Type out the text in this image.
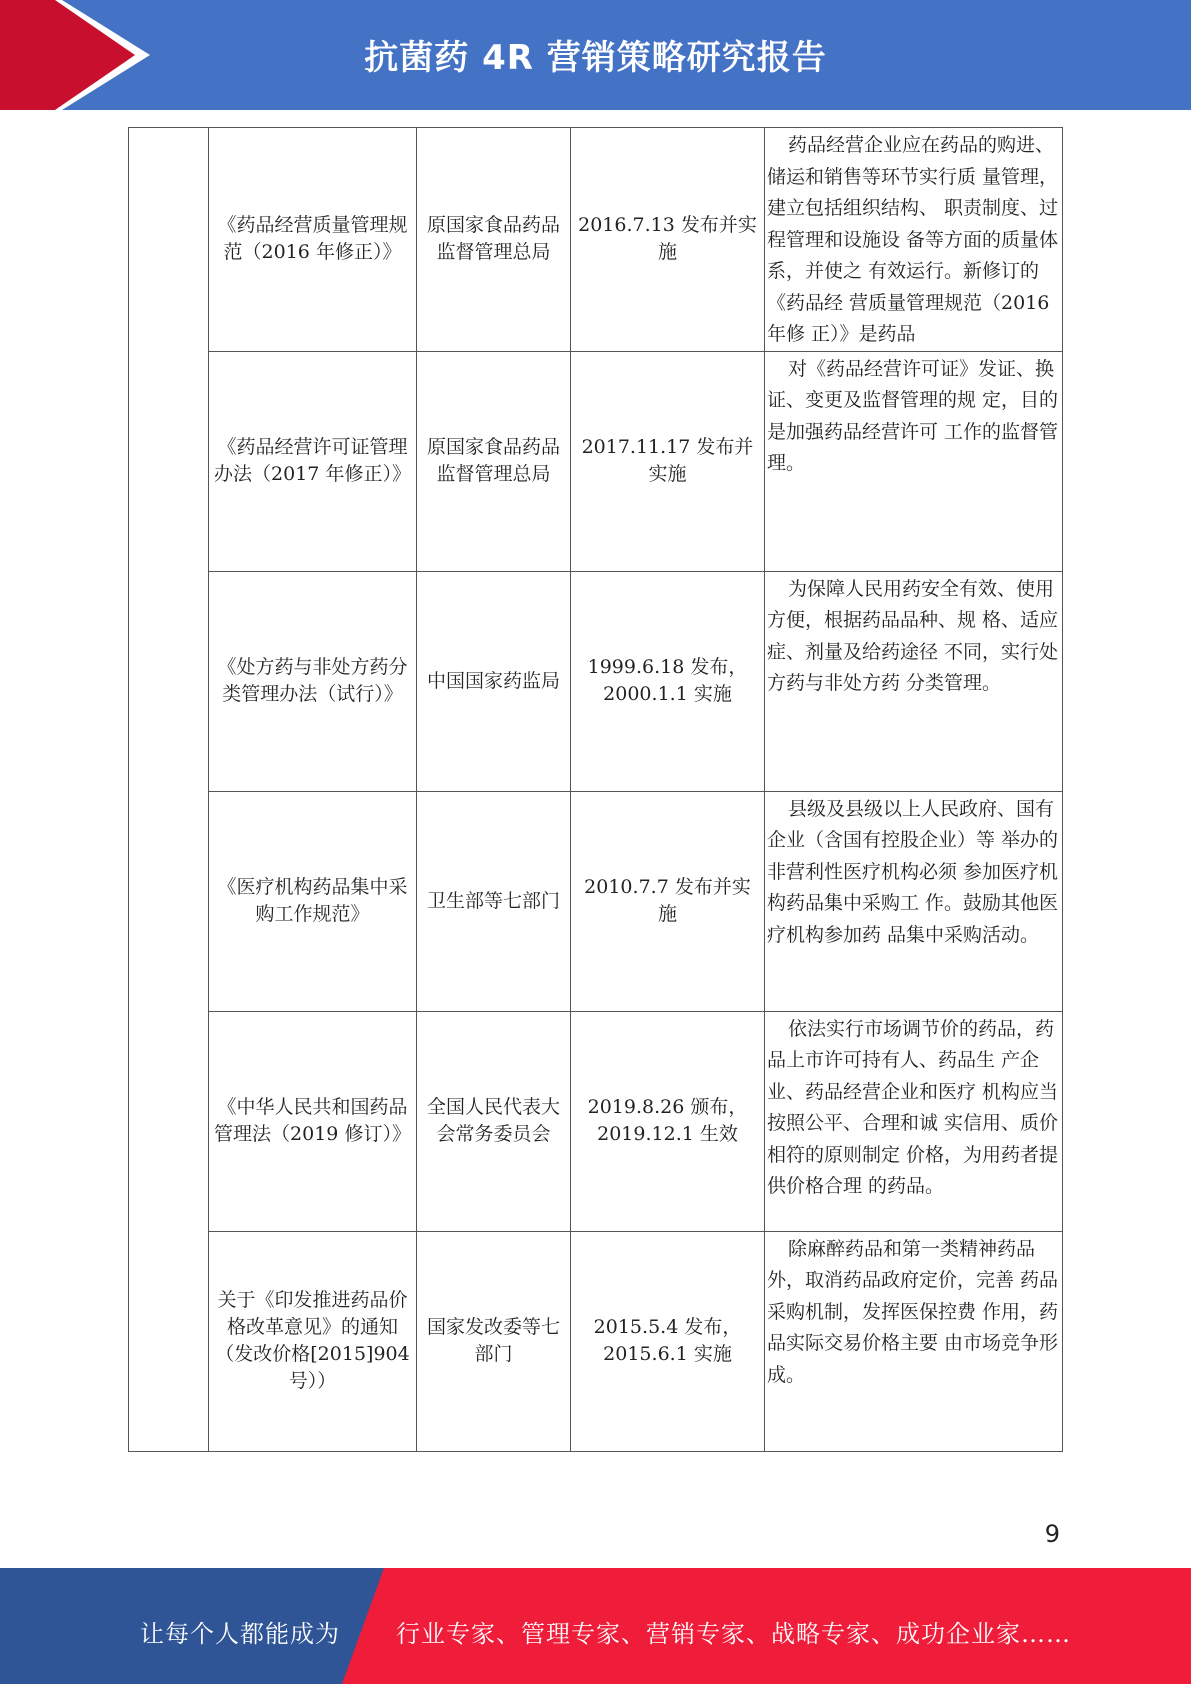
抗菌药 4R 营销策略研究报告
	《药品经营质量管理规范（2016 年修正）》	原国家食品药品监督管理总局	2016.7.13 发布并实施	药品经营企业应在药品的购进、储运和销售等环节实行质 量管理，建立包括组织结构、 职责制度、过程管理和设施设 备等方面的质量体系，并使之 有效运行。新修订的《药品经 营质量管理规范（2016 年修 正）》是药品

	《药品经营许可证管理办法（2017 年修正）》	原国家食品药品监督管理总局	2017.11.17 发布并实施	对《药品经营许可证》发证、换证、变更及监督管理的规 定，目的是加强药品经营许可 工作的监督管理。

	《处方药与非处方药分类管理办法（试行）》	中国国家药监局	1999.6.18 发布，2000.1.1 实施	为保障人民用药安全有效、使用方便，根据药品品种、规 格、适应症、剂量及给药途径 不同，实行处方药与非处方药 分类管理。

	《医疗机构药品集中采购工作规范》	卫生部等七部门	2010.7.7 发布并实施	县级及县级以上人民政府、国有企业（含国有控股企业）等 举办的非营利性医疗机构必须 参加医疗机构药品集中采购工 作。鼓励其他医疗机构参加药 品集中采购活动。

	《中华人民共和国药品管理法（2019 修订）》	全国人民代表大会常务委员会	2019.8.26 颁布，2019.12.1 生效	依法实行市场调节价的药品，药品上市许可持有人、药品生 产企业、药品经营企业和医疗 机构应当按照公平、合理和诚 实信用、质价相符的原则制定 价格，为用药者提供价格合理 的药品。

	关于《印发推进药品价格改革意见》的通知（发改价格[2015]904 号））	国家发改委等七部门	2015.5.4 发布，2015.6.1 实施	除麻醉药品和第一类精神药品外，取消药品政府定价，完善 药品采购机制，发挥医保控费 作用，药品实际交易价格主要 由市场竞争形成。
9
让每个人都能成为 行业专家、管理专家、营销专家、战略专家、成功企业家……
